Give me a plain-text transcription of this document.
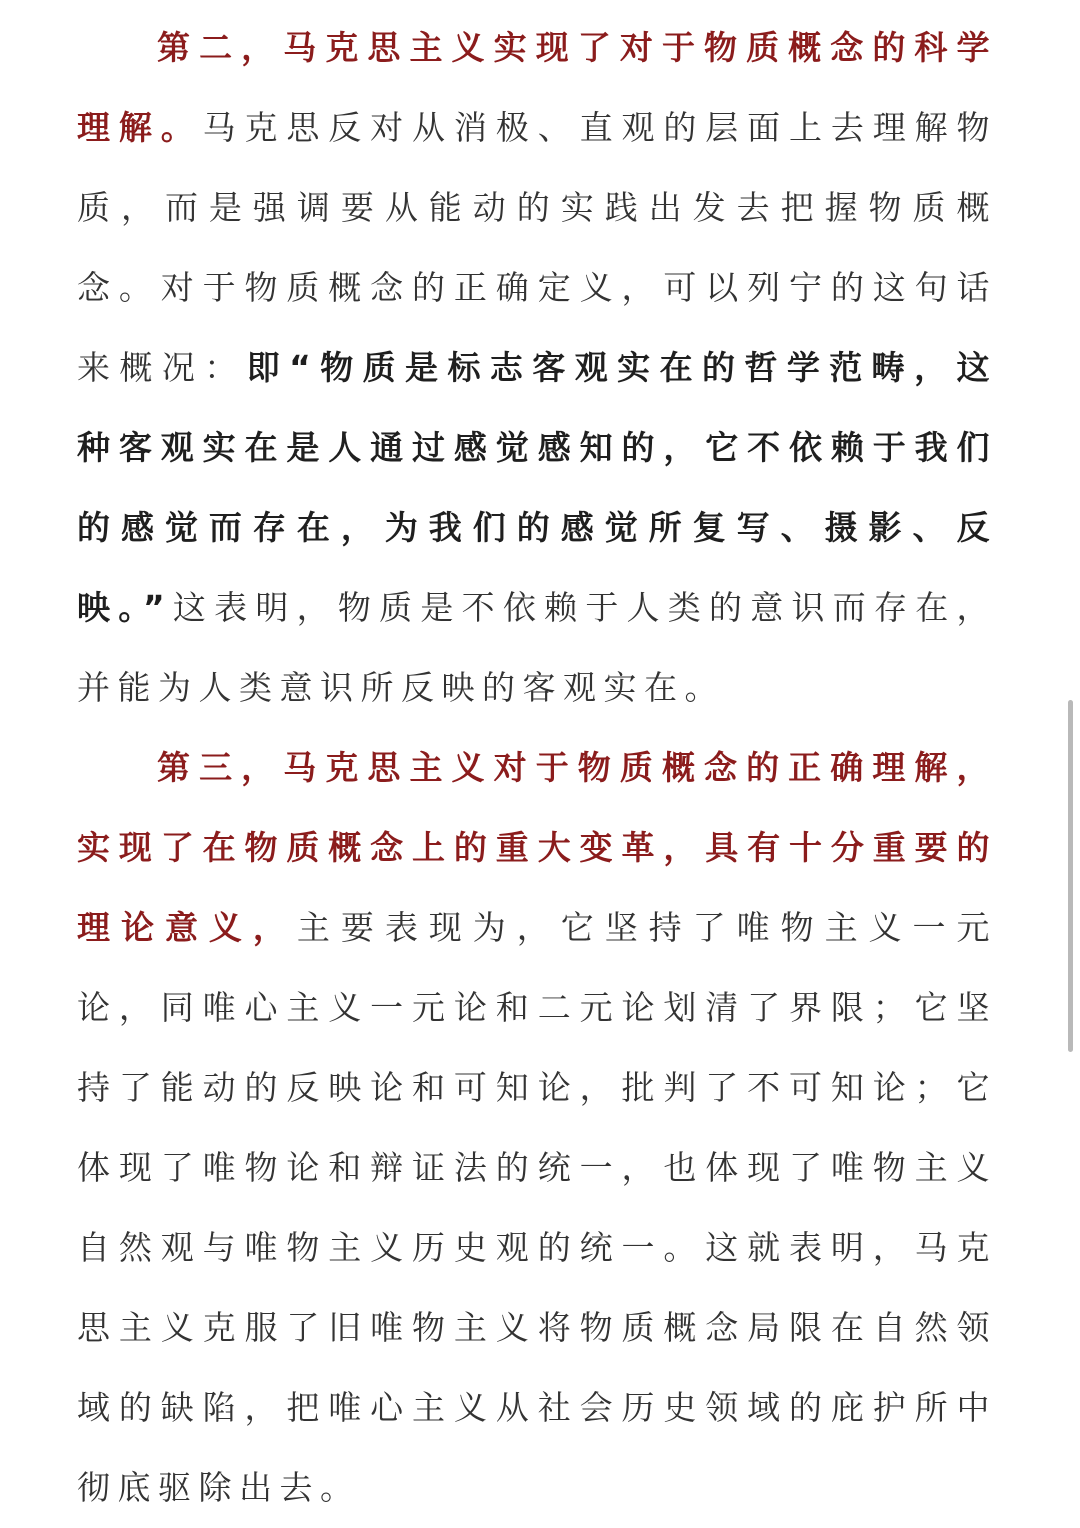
第二，马克思主义实现了对于物质概念的科学理解。马克思反对从消极、直观的层面上去理解物质，而是强调要从能动的实践出发去把握物质概念。对于物质概念的正确定义，可以列宁的这句话来概况：即“物质是标志客观实在的哲学范畴，这种客观实在是人通过感觉感知的，它不依赖于我们的感觉而存在，为我们的感觉所复写、摄影、反映。”这表明，物质是不依赖于人类的意识而存在，并能为人类意识所反映的客观实在。

第三，马克思主义对于物质概念的正确理解，实现了在物质概念上的重大变革，具有十分重要的理论意义，主要表现为，它坚持了唯物主义一元论，同唯心主义一元论和二元论划清了界限；它坚持了能动的反映论和可知论，批判了不可知论；它体现了唯物论和辩证法的统一，也体现了唯物主义自然观与唯物主义历史观的统一。这就表明，马克思主义克服了旧唯物主义将物质概念局限在自然领域的缺陷，把唯心主义从社会历史领域的庇护所中彻底驱除出去。
